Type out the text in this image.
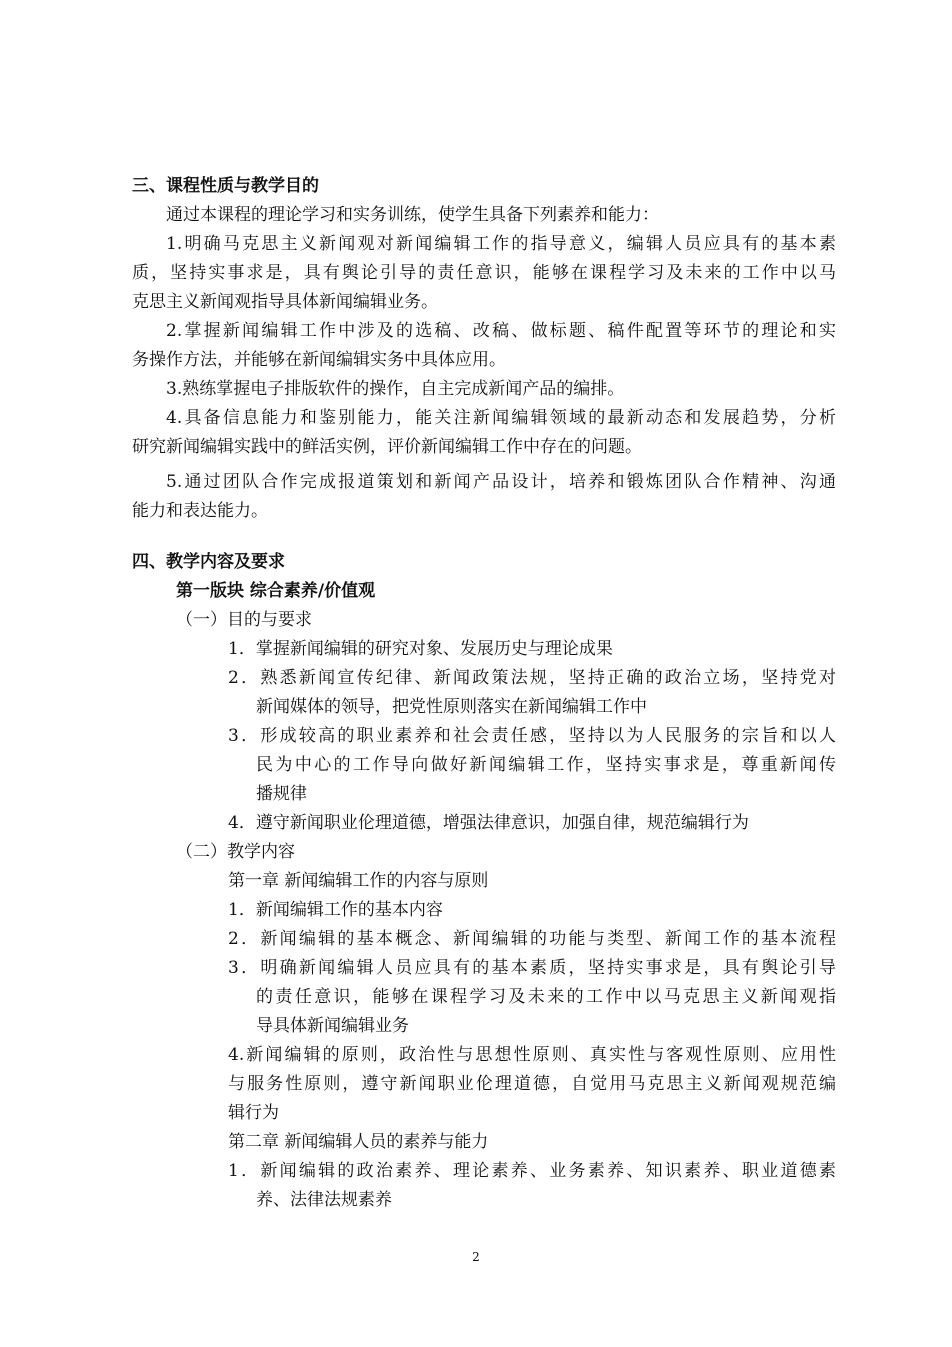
三、课程性质与教学目的
通过本课程的理论学习和实务训练，使学生具备下列素养和能力：
1.明确马克思主义新闻观对新闻编辑工作的指导意义，编辑人员应具有的基本素
质，坚持实事求是，具有舆论引导的责任意识，能够在课程学习及未来的工作中以马
克思主义新闻观指导具体新闻编辑业务。
2.掌握新闻编辑工作中涉及的选稿、改稿、做标题、稿件配置等环节的理论和实
务操作方法，并能够在新闻编辑实务中具体应用。
3.熟练掌握电子排版软件的操作，自主完成新闻产品的编排。
4.具备信息能力和鉴别能力，能关注新闻编辑领域的最新动态和发展趋势，分析
研究新闻编辑实践中的鲜活实例，评价新闻编辑工作中存在的问题。
5.通过团队合作完成报道策划和新闻产品设计，培养和锻炼团队合作精神、沟通
能力和表达能力。
四、教学内容及要求
第一版块 综合素养/价值观
（一）目的与要求
1．掌握新闻编辑的研究对象、发展历史与理论成果
2．熟悉新闻宣传纪律、新闻政策法规，坚持正确的政治立场，坚持党对
新闻媒体的领导，把党性原则落实在新闻编辑工作中
3．形成较高的职业素养和社会责任感，坚持以为人民服务的宗旨和以人
民为中心的工作导向做好新闻编辑工作，坚持实事求是，尊重新闻传
播规律
4．遵守新闻职业伦理道德，增强法律意识，加强自律，规范编辑行为
（二）教学内容
第一章 新闻编辑工作的内容与原则
1．新闻编辑工作的基本内容
2．新闻编辑的基本概念、新闻编辑的功能与类型、新闻工作的基本流程
3．明确新闻编辑人员应具有的基本素质，坚持实事求是，具有舆论引导
的责任意识，能够在课程学习及未来的工作中以马克思主义新闻观指
导具体新闻编辑业务
4.新闻编辑的原则，政治性与思想性原则、真实性与客观性原则、应用性
与服务性原则，遵守新闻职业伦理道德，自觉用马克思主义新闻观规范编
辑行为
第二章 新闻编辑人员的素养与能力
1．新闻编辑的政治素养、理论素养、业务素养、知识素养、职业道德素
养、法律法规素养
2
